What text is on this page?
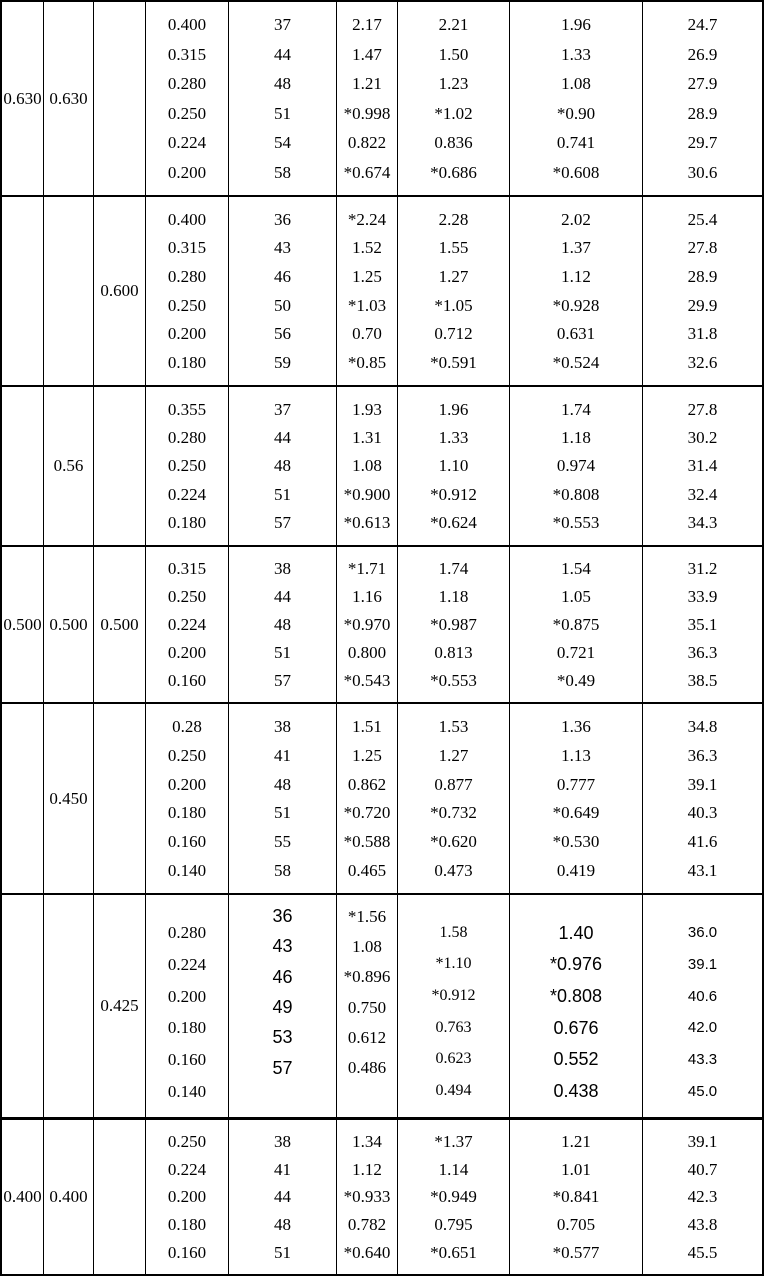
0.630 0.630
0.400
0.315
0.280
0.250
0.224
0.200
37
44
48
51
54
58
2.17
1.47
1.21
*0.998
0.822
*0.674
2.21
1.50
1.23
*1.02
0.836
*0.686
1.96
1.33
1.08
*0.90
0.741
*0.608
24.7
26.9
27.9
28.9
29.7
30.6
0.600
0.400
0.315
0.280
0.250
0.200
0.180
36
43
46
50
56
59
*2.24
1.52
1.25
*1.03
0.70
*0.85
2.28
1.55
1.27
*1.05
0.712
*0.591
2.02
1.37
1.12
*0.928
0.631
*0.524
25.4
27.8
28.9
29.9
31.8
32.6
0.56
0.355
0.280
0.250
0.224
0.180
37
44
48
51
57
1.93
1.31
1.08
*0.900
*0.613
1.96
1.33
1.10
*0.912
*0.624
1.74
1.18
0.974
*0.808
*0.553
27.8
30.2
31.4
32.4
34.3
0.500 0.500 0.500
0.315
0.250
0.224
0.200
0.160
38
44
48
51
57
*1.71
1.16
*0.970
0.800
*0.543
1.74
1.18
*0.987
0.813
*0.553
1.54
1.05
*0.875
0.721
*0.49
31.2
33.9
35.1
36.3
38.5
0.450
0.28
0.250
0.200
0.180
0.160
0.140
38
41
48
51
55
58
1.51
1.25
0.862
*0.720
*0.588
0.465
1.53
1.27
0.877
*0.732
*0.620
0.473
1.36
1.13
0.777
*0.649
*0.530
0.419
34.8
36.3
39.1
40.3
41.6
43.1
0.425
0.280
0.224
0.200
0.180
0.160
0.140
36
43
46
49
53
57
*1.56
1.08
*0.896
0.750
0.612
0.486
1.58
*1.10
*0.912
0.763
0.623
0.494
1.40
*0.976
*0.808
0.676
0.552
0.438
36.0
39.1
40.6
42.0
43.3
45.0
0.400 0.400
0.250
0.224
0.200
0.180
0.160
38
41
44
48
51
1.34
1.12
*0.933
0.782
*0.640
*1.37
1.14
*0.949
0.795
*0.651
1.21
1.01
*0.841
0.705
*0.577
39.1
40.7
42.3
43.8
45.5
